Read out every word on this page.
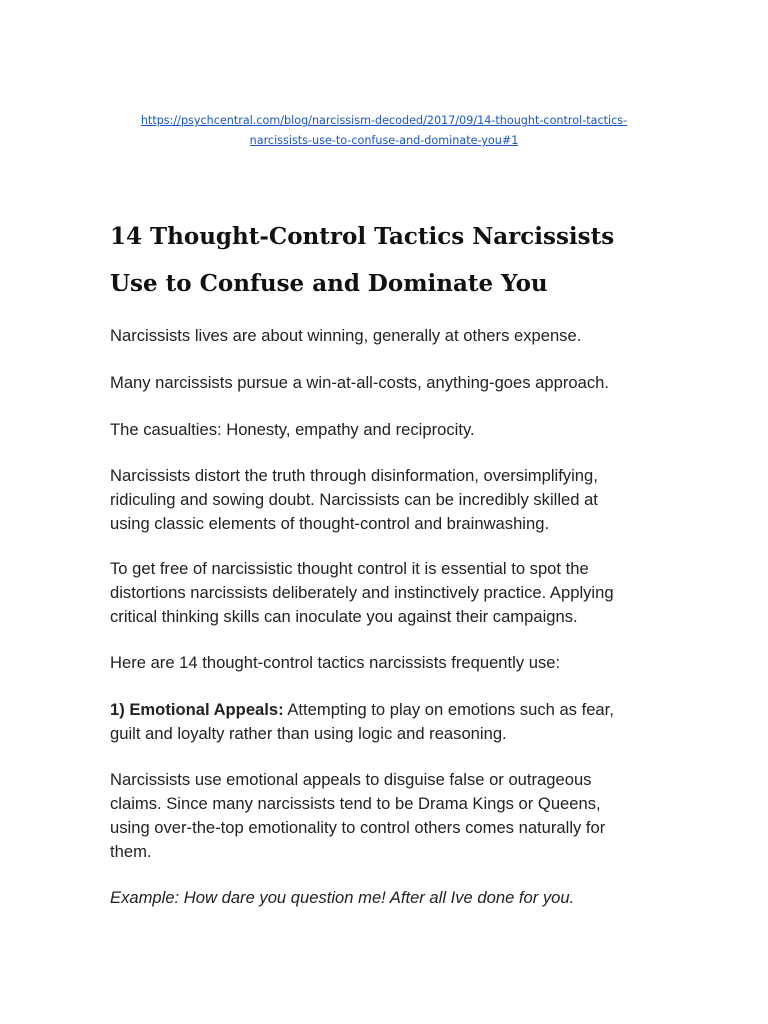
https://psychcentral.com/blog/narcissism-decoded/2017/09/14-thought-control-tactics-
narcissists-use-to-confuse-and-dominate-you#1
14 Thought-Control Tactics Narcissists
Use to Confuse and Dominate You

Narcissists lives are about winning, generally at others expense.

Many narcissists pursue a win-at-all-costs, anything-goes approach.

The casualties: Honesty, empathy and reciprocity.

Narcissists distort the truth through disinformation, oversimplifying,
ridiculing and sowing doubt. Narcissists can be incredibly skilled at
using classic elements of thought-control and brainwashing.

To get free of narcissistic thought control it is essential to spot the
distortions narcissists deliberately and instinctively practice. Applying
critical thinking skills can inoculate you against their campaigns.

Here are 14 thought-control tactics narcissists frequently use:

1) Emotional Appeals: Attempting to play on emotions such as fear,
guilt and loyalty rather than using logic and reasoning.

Narcissists use emotional appeals to disguise false or outrageous
claims. Since many narcissists tend to be Drama Kings or Queens,
using over-the-top emotionality to control others comes naturally for
them.

Example: How dare you question me! After all Ive done for you.
